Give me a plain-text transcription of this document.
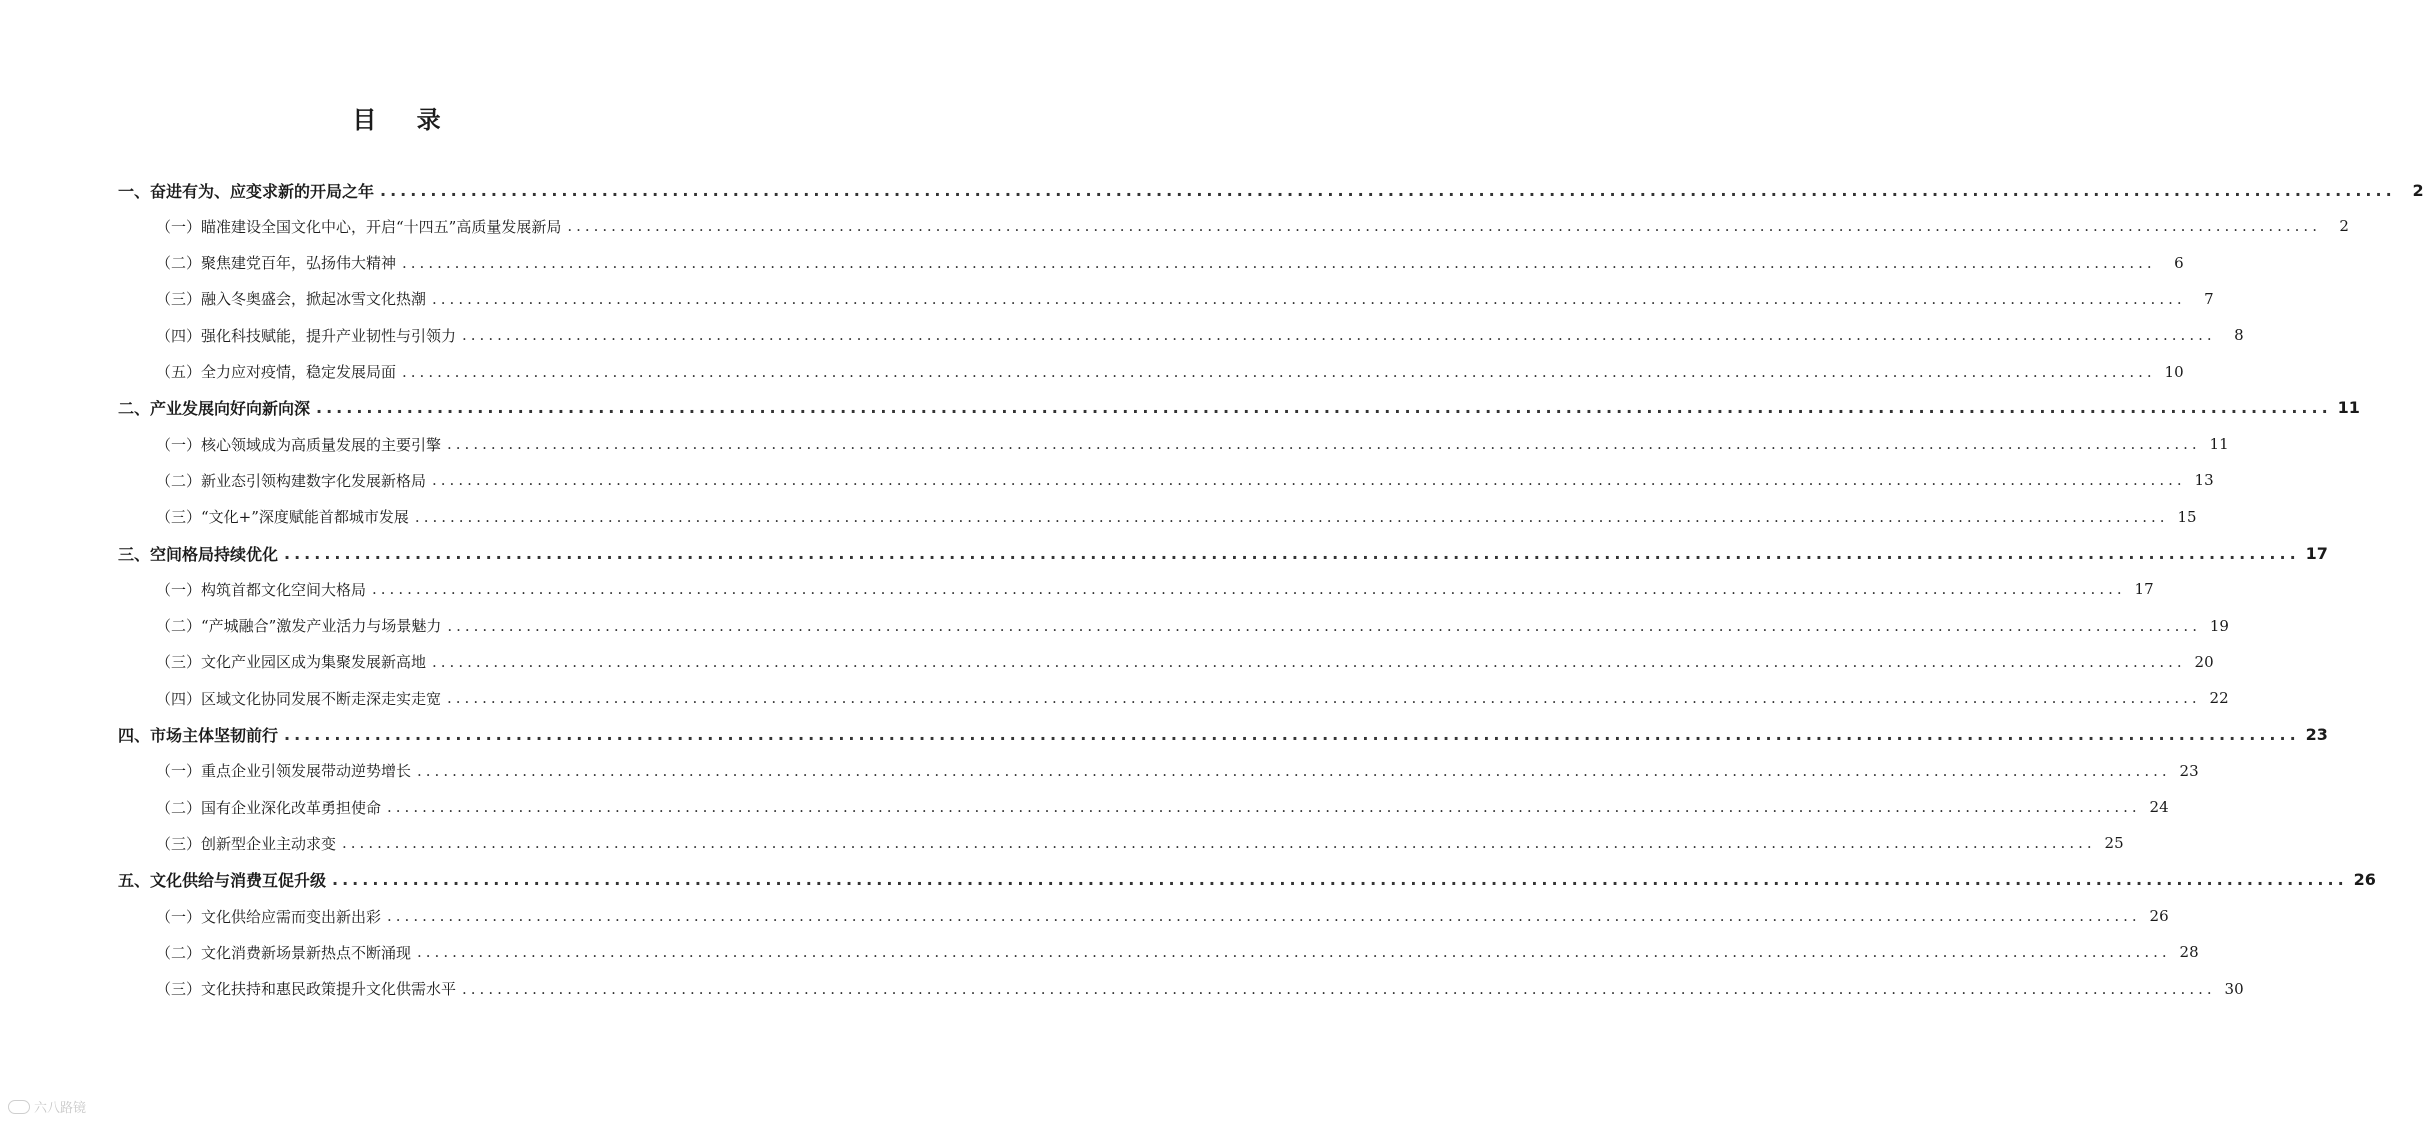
目 录
一、奋进有为、应变求新的开局之年 ........................................................................................................................................................................................................	2
（一）瞄准建设全国文化中心，开启“十四五”高质量发展新局 ........................................................................................................................................................................................................	2
（二）聚焦建党百年，弘扬伟大精神 ........................................................................................................................................................................................................	6
（三）融入冬奥盛会，掀起冰雪文化热潮 ........................................................................................................................................................................................................	7
（四）强化科技赋能，提升产业韧性与引领力 ........................................................................................................................................................................................................	8
（五）全力应对疫情，稳定发展局面 ........................................................................................................................................................................................................ 10
二、产业发展向好向新向深 ........................................................................................................................................................................................................ 11
（一）核心领域成为高质量发展的主要引擎 ........................................................................................................................................................................................................ 11
（二）新业态引领构建数字化发展新格局 ........................................................................................................................................................................................................ 13
（三）“文化+”深度赋能首都城市发展 ........................................................................................................................................................................................................ 15
三、空间格局持续优化 ........................................................................................................................................................................................................ 17
（一）构筑首都文化空间大格局 ........................................................................................................................................................................................................ 17
（二）“产城融合”激发产业活力与场景魅力 ........................................................................................................................................................................................................ 19
（三）文化产业园区成为集聚发展新高地 ........................................................................................................................................................................................................ 20
（四）区域文化协同发展不断走深走实走宽 ........................................................................................................................................................................................................ 22
四、市场主体坚韧前行 ........................................................................................................................................................................................................ 23
（一）重点企业引领发展带动逆势增长 ........................................................................................................................................................................................................ 23
（二）国有企业深化改革勇担使命 ........................................................................................................................................................................................................ 24
（三）创新型企业主动求变 ........................................................................................................................................................................................................ 25
五、文化供给与消费互促升级 ........................................................................................................................................................................................................ 26
（一）文化供给应需而变出新出彩 ........................................................................................................................................................................................................ 26
（二）文化消费新场景新热点不断涌现 ........................................................................................................................................................................................................ 28
（三）文化扶持和惠民政策提升文化供需水平 ........................................................................................................................................................................................................ 30
六八路镜
